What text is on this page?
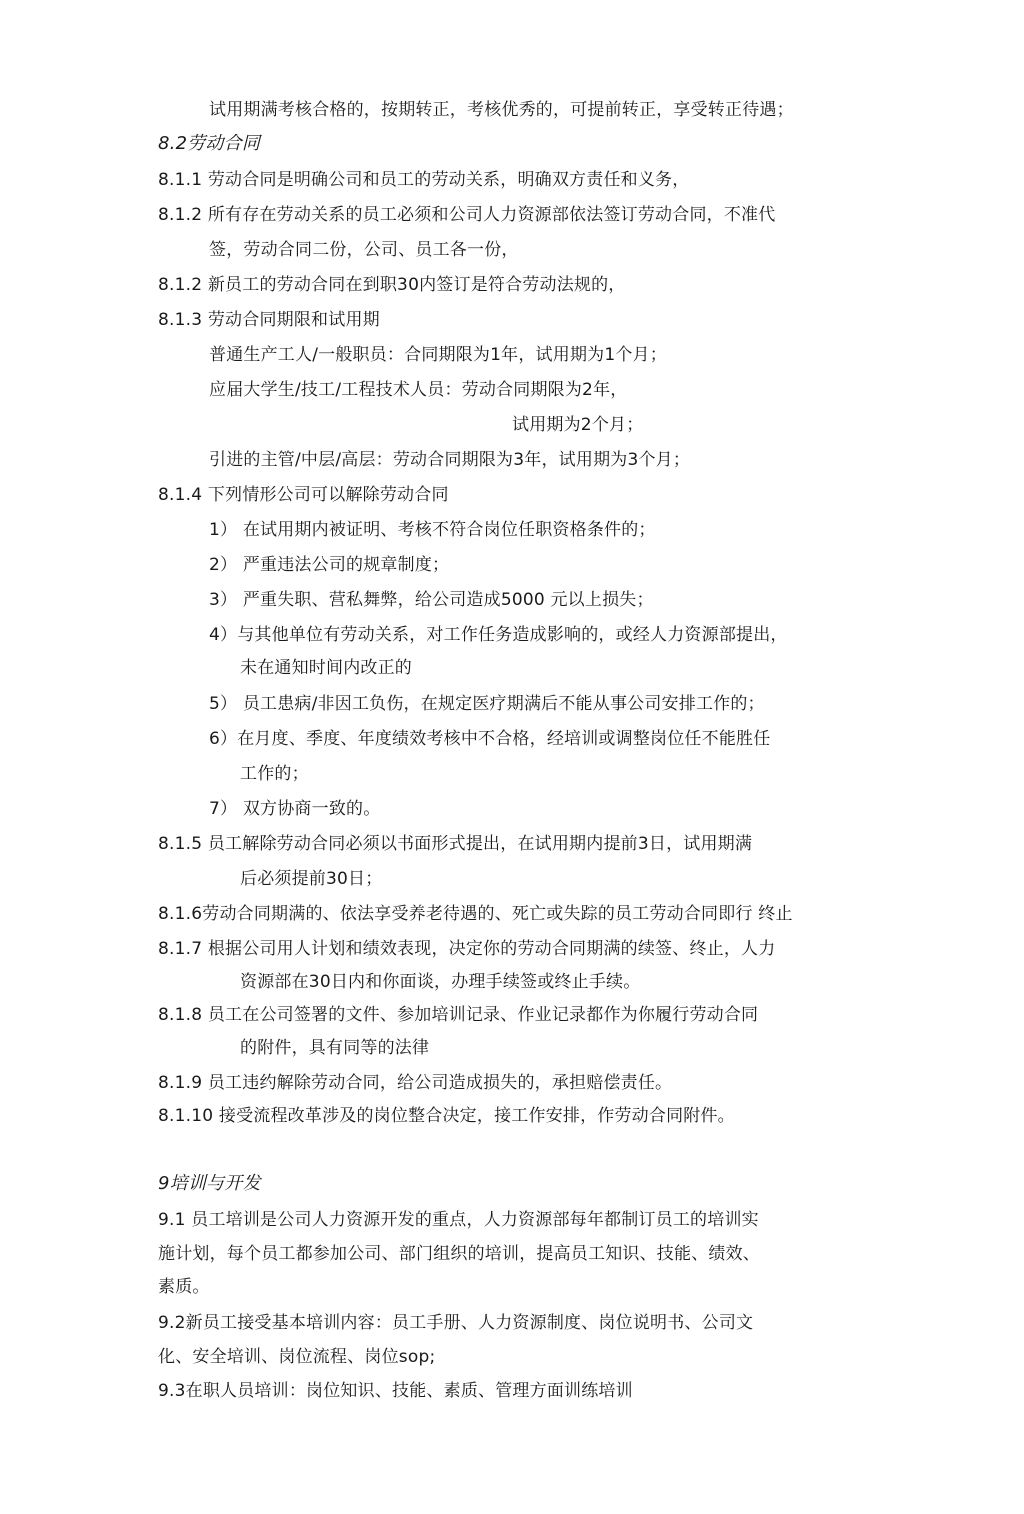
试用期满考核合格的，按期转正，考核优秀的，可提前转正，享受转正待遇；
8.2劳动合同
8.1.1 劳动合同是明确公司和员工的劳动关系，明确双方责任和义务，
8.1.2 所有存在劳动关系的员工必须和公司人力资源部依法签订劳动合同，不准代
签，劳动合同二份，公司、员工各一份，
8.1.2 新员工的劳动合同在到职30内签订是符合劳动法规的，
8.1.3 劳动合同期限和试用期
普通生产工人/一般职员：合同期限为1年，试用期为1个月；
应届大学生/技工/工程技术人员：劳动合同期限为2年，
试用期为2个月；
引进的主管/中层/高层：劳动合同期限为3年，试用期为3个月；
8.1.4 下列情形公司可以解除劳动合同
1） 在试用期内被证明、考核不符合岗位任职资格条件的；
2） 严重违法公司的规章制度；
3） 严重失职、营私舞弊，给公司造成5000 元以上损失；
4）与其他单位有劳动关系，对工作任务造成影响的，或经人力资源部提出，
未在通知时间内改正的
5） 员工患病/非因工负伤，在规定医疗期满后不能从事公司安排工作的；
6）在月度、季度、年度绩效考核中不合格，经培训或调整岗位任不能胜任
工作的；
7） 双方协商一致的。
8.1.5 员工解除劳动合同必须以书面形式提出，在试用期内提前3日，试用期满
后必须提前30日；
8.1.6劳动合同期满的、依法享受养老待遇的、死亡或失踪的员工劳动合同即行 终止
8.1.7 根据公司用人计划和绩效表现，决定你的劳动合同期满的续签、终止，人力
资源部在30日内和你面谈，办理手续签或终止手续。
8.1.8 员工在公司签署的文件、参加培训记录、作业记录都作为你履行劳动合同
的附件，具有同等的法律
8.1.9 员工违约解除劳动合同，给公司造成损失的，承担赔偿责任。
8.1.10 接受流程改革涉及的岗位整合决定，接工作安排，作劳动合同附件。
9培训与开发
9.1 员工培训是公司人力资源开发的重点，人力资源部每年都制订员工的培训实
施计划，每个员工都参加公司、部门组织的培训，提高员工知识、技能、绩效、
素质。
9.2新员工接受基本培训内容：员工手册、人力资源制度、岗位说明书、公司文
化、安全培训、岗位流程、岗位sop;
9.3在职人员培训：岗位知识、技能、素质、管理方面训练培训
